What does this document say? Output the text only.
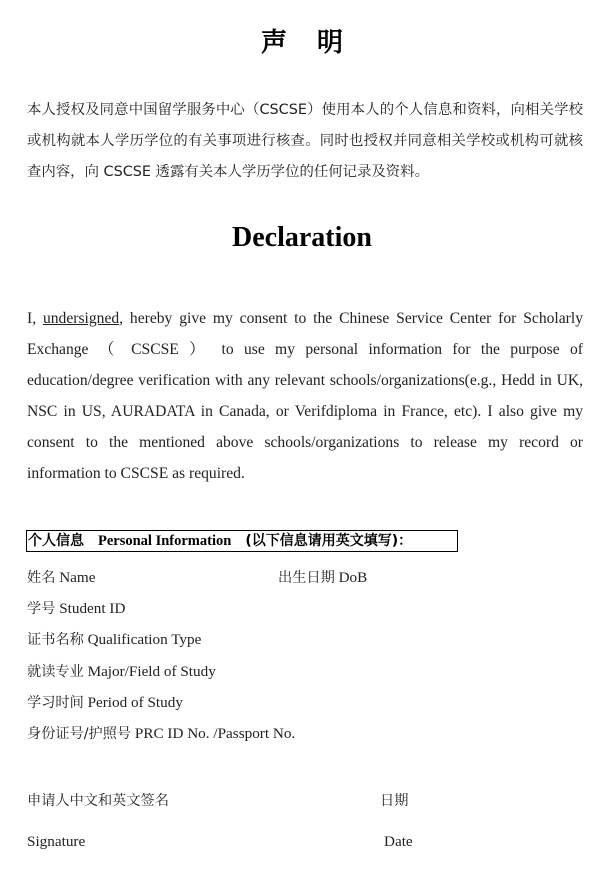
声明
本人授权及同意中国留学服务中心（CSCSE）使用本人的个人信息和资料，向相关学校或机构就本人学历学位的有关事项进行核查。同时也授权并同意相关学校或机构可就核查内容，向 CSCSE 透露有关本人学历学位的任何记录及资料。
Declaration
I, undersigned, hereby give my consent to the Chinese Service Center for Scholarly Exchange （ CSCSE ） to use my personal information for the purpose of education/degree verification with any relevant schools/organizations(e.g., Hedd in UK, NSC in US, AURADATA in Canada, or Verifdiploma in France, etc). I also give my consent to the mentioned above schools/organizations to release my record or information to CSCSE as required.
个人信息 Personal Information (以下信息请用英文填写)：
姓名 Name	出生日期 DoB
学号 Student ID
证书名称 Qualification Type
就读专业 Major/Field of Study
学习时间 Period of Study
身份证号/护照号 PRC ID No. /Passport No.
申请人中文和英文签名	日期
Signature	Date
